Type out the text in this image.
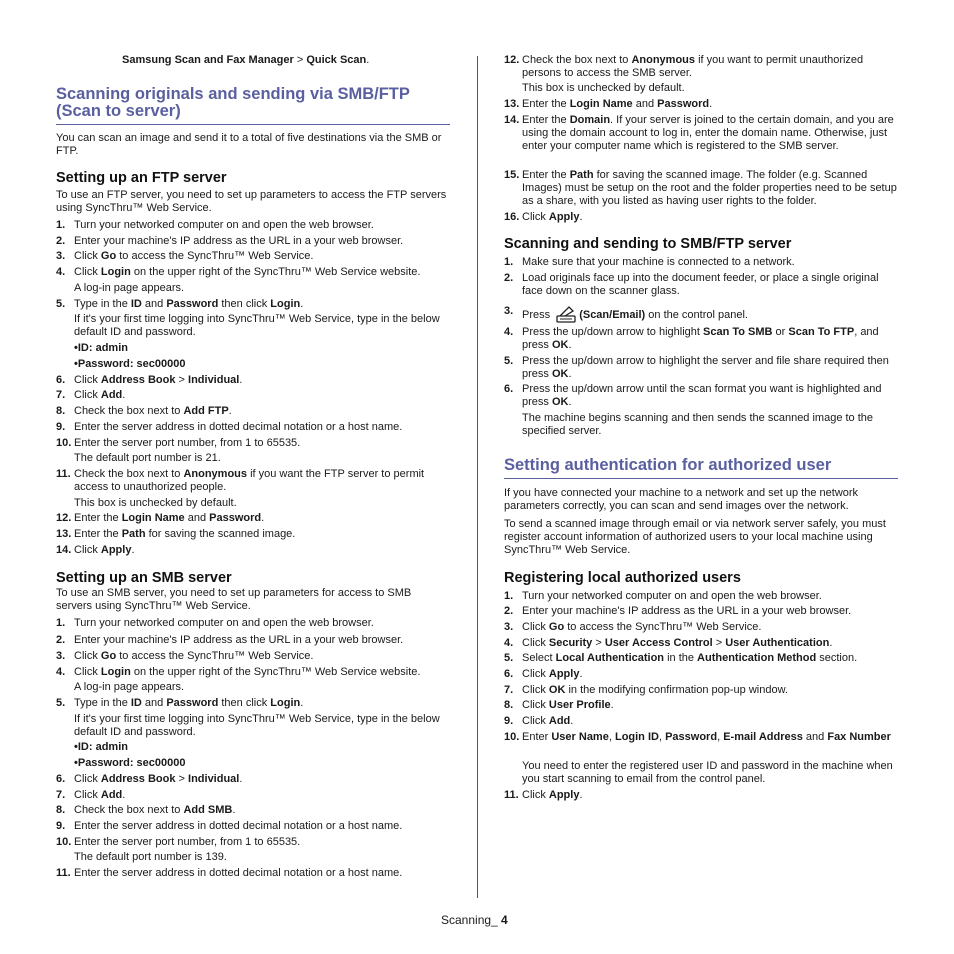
Samsung Scan and Fax Manager > Quick Scan.
Scanning originals and sending via SMB/FTP
(Scan to server)
You can scan an image and send it to a total of five destinations via the SMB or FTP.
Setting up an FTP server
To use an FTP server, you need to set up parameters to access the FTP servers using SyncThru™ Web Service.
1. Turn your networked computer on and open the web browser.
2. Enter your machine's IP address as the URL in a your web browser.
3. Click Go to access the SyncThru™ Web Service.
4. Click Login on the upper right of the SyncThru™ Web Service website.
A log-in page appears.
5. Type in the ID and Password then click Login.
If it's your first time logging into SyncThru™ Web Service, type in the below default ID and password.
•ID: admin
•Password: sec00000
6. Click Address Book > Individual.
7. Click Add.
8. Check the box next to Add FTP.
9. Enter the server address in dotted decimal notation or a host name.
10. Enter the server port number, from 1 to 65535.
The default port number is 21.
11. Check the box next to Anonymous if you want the FTP server to permit access to unauthorized people.
This box is unchecked by default.
12. Enter the Login Name and Password.
13. Enter the Path for saving the scanned image.
14. Click Apply.
Setting up an SMB server
To use an SMB server, you need to set up parameters for access to SMB servers using SyncThru™ Web Service.
1. Turn your networked computer on and open the web browser.
2. Enter your machine's IP address as the URL in a your web browser.
3. Click Go to access the SyncThru™ Web Service.
4. Click Login on the upper right of the SyncThru™ Web Service website.
A log-in page appears.
5. Type in the ID and Password then click Login.
If it's your first time logging into SyncThru™ Web Service, type in the below default ID and password.
•ID: admin
•Password: sec00000
6. Click Address Book > Individual.
7. Click Add.
8. Check the box next to Add SMB.
9. Enter the server address in dotted decimal notation or a host name.
10. Enter the server port number, from 1 to 65535.
The default port number is 139.
11. Enter the server address in dotted decimal notation or a host name.
12. Check the box next to Anonymous if you want to permit unauthorized persons to access the SMB server.
This box is unchecked by default.
13. Enter the Login Name and Password.
14. Enter the Domain. If your server is joined to the certain domain, and you are using the domain account to log in, enter the domain name. Otherwise, just enter your computer name which is registered to the SMB server.
15. Enter the Path for saving the scanned image. The folder (e.g. Scanned Images) must be setup on the root and the folder properties need to be setup as a share, with you listed as having user rights to the folder.
16. Click Apply.
Scanning and sending to SMB/FTP server
1. Make sure that your machine is connected to a network.
2. Load originals face up into the document feeder, or place a single original face down on the scanner glass.
3. Press (Scan/Email) on the control panel.
4. Press the up/down arrow to highlight Scan To SMB or Scan To FTP, and press OK.
5. Press the up/down arrow to highlight the server and file share required then press OK.
6. Press the up/down arrow until the scan format you want is highlighted and press OK.
The machine begins scanning and then sends the scanned image to the specified server.
Setting authentication for authorized user
If you have connected your machine to a network and set up the network parameters correctly, you can scan and send images over the network.
To send a scanned image through email or via network server safely, you must register account information of authorized users to your local machine using SyncThru™ Web Service.
Registering local authorized users
1. Turn your networked computer on and open the web browser.
2. Enter your machine's IP address as the URL in a your web browser.
3. Click Go to access the SyncThru™ Web Service.
4. Click Security > User Access Control > User Authentication.
5. Select Local Authentication in the Authentication Method section.
6. Click Apply.
7. Click OK in the modifying confirmation pop-up window.
8. Click User Profile.
9. Click Add.
10. Enter User Name, Login ID, Password, E-mail Address and Fax Number
You need to enter the registered user ID and password in the machine when you start scanning to email from the control panel.
11. Click Apply.
Scanning_ 4
